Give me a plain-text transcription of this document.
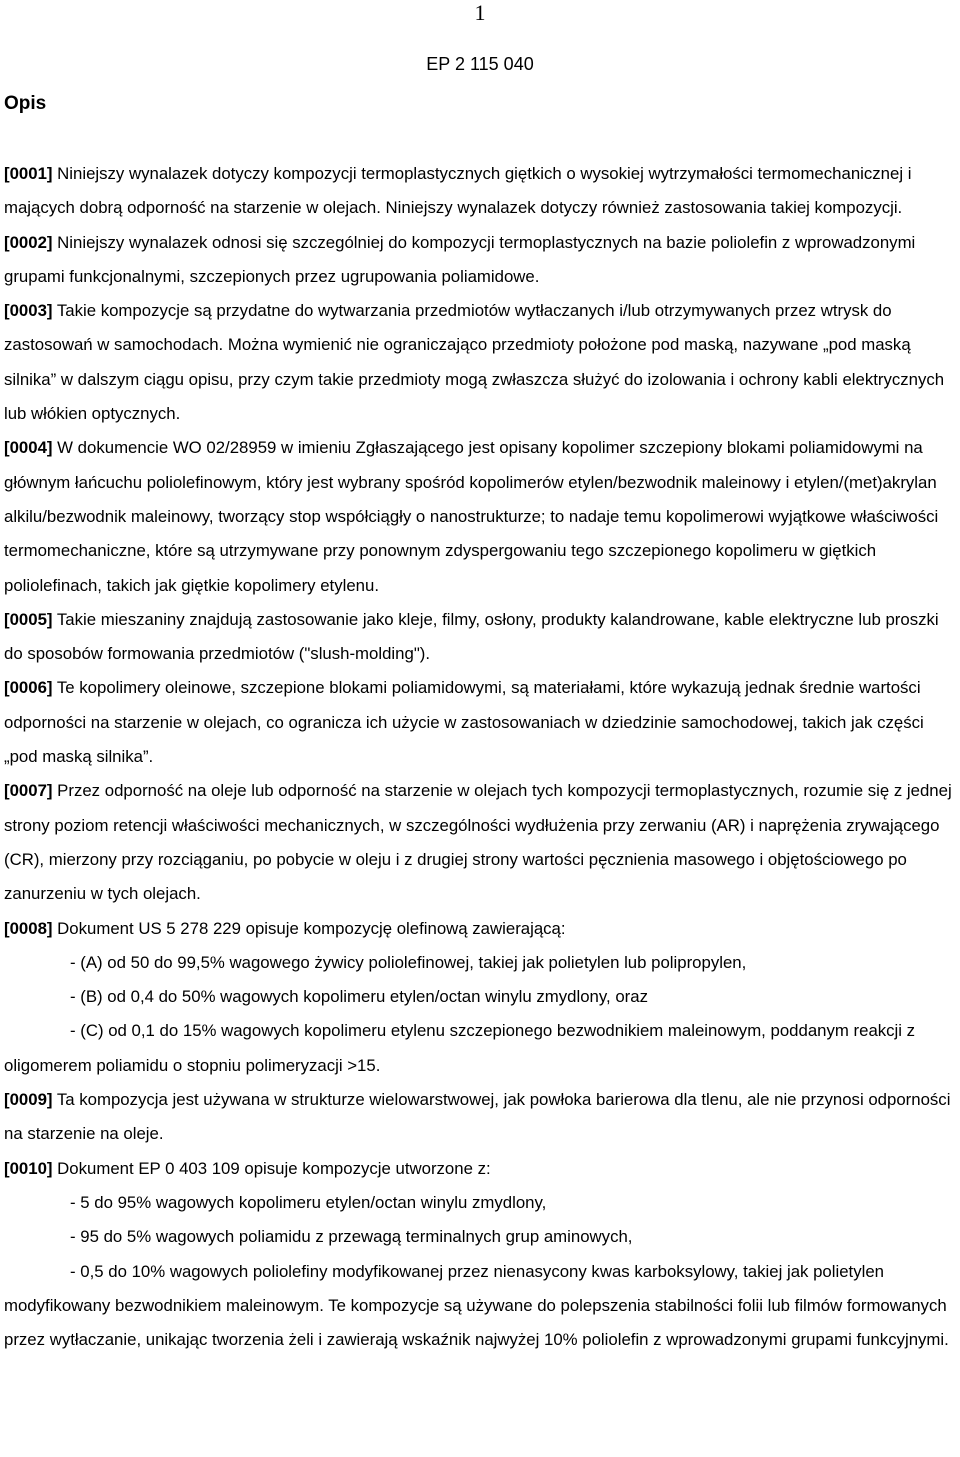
1
EP 2 115 040
Opis

[0001] Niniejszy wynalazek dotyczy kompozycji termoplastycznych giętkich o wysokiej wytrzymałości termomechanicznej i mających dobrą odporność na starzenie w olejach. Niniejszy wynalazek dotyczy również zastosowania takiej kompozycji.

[0002] Niniejszy wynalazek odnosi się szczególniej do kompozycji termoplastycznych na bazie poliolefin z wprowadzonymi grupami funkcjonalnymi, szczepionych przez ugrupowania poliamidowe.

[0003] Takie kompozycje są przydatne do wytwarzania przedmiotów wytłaczanych i/lub otrzymywanych przez wtrysk do zastosowań w samochodach. Można wymienić nie ograniczająco przedmioty położone pod maską, nazywane „pod maską silnika” w dalszym ciągu opisu, przy czym takie przedmioty mogą zwłaszcza służyć do izolowania i ochrony kabli elektrycznych lub włókien optycznych.

[0004] W dokumencie WO 02/28959 w imieniu Zgłaszającego jest opisany kopolimer szczepiony blokami poliamidowymi na głównym łańcuchu poliolefinowym, który jest wybrany spośród kopolimerów etylen/bezwodnik maleinowy i etylen/(met)akrylan alkilu/bezwodnik maleinowy, tworzący stop współciągły o nanostrukturze; to nadaje temu kopolimerowi wyjątkowe właściwości termomechaniczne, które są utrzymywane przy ponownym zdyspergowaniu tego szczepionego kopolimeru w giętkich poliolefinach, takich jak giętkie kopolimery etylenu.

[0005] Takie mieszaniny znajdują zastosowanie jako kleje, filmy, osłony, produkty kalandrowane, kable elektryczne lub proszki do sposobów formowania przedmiotów ("slush-molding").

[0006] Te kopolimery oleinowe, szczepione blokami poliamidowymi, są materiałami, które wykazują jednak średnie wartości odporności na starzenie w olejach, co ogranicza ich użycie w zastosowaniach w dziedzinie samochodowej, takich jak części „pod maską silnika”.

[0007] Przez odporność na oleje lub odporność na starzenie w olejach tych kompozycji termoplastycznych, rozumie się z jednej strony poziom retencji właściwości mechanicznych, w szczególności wydłużenia przy zerwaniu (AR) i naprężenia zrywającego (CR), mierzony przy rozciąganiu, po pobycie w oleju i z drugiej strony wartości pęcznienia masowego i objętościowego po zanurzeniu w tych olejach.

[0008] Dokument US 5 278 229 opisuje kompozycję olefinową zawierającą:

- (A) od 50 do 99,5% wagowego żywicy poliolefinowej, takiej jak polietylen lub polipropylen,

- (B) od 0,4 do 50% wagowych kopolimeru etylen/octan winylu zmydlony, oraz

- (C) od 0,1 do 15% wagowych kopolimeru etylenu szczepionego bezwodnikiem maleinowym, poddanym reakcji z oligomerem poliamidu o stopniu polimeryzacji >15.

[0009] Ta kompozycja jest używana w strukturze wielowarstwowej, jak powłoka barierowa dla tlenu, ale nie przynosi odporności na starzenie na oleje.

[0010] Dokument EP 0 403 109 opisuje kompozycje utworzone z:

- 5 do 95% wagowych kopolimeru etylen/octan winylu zmydlony,

- 95 do 5% wagowych poliamidu z przewagą terminalnych grup aminowych,

- 0,5 do 10% wagowych poliolefiny modyfikowanej przez nienasycony kwas karboksylowy, takiej jak polietylen modyfikowany bezwodnikiem maleinowym. Te kompozycje są używane do polepszenia stabilności folii lub filmów formowanych przez wytłaczanie, unikając tworzenia żeli i zawierają wskaźnik najwyżej 10% poliolefin z wprowadzonymi grupami funkcyjnymi.
